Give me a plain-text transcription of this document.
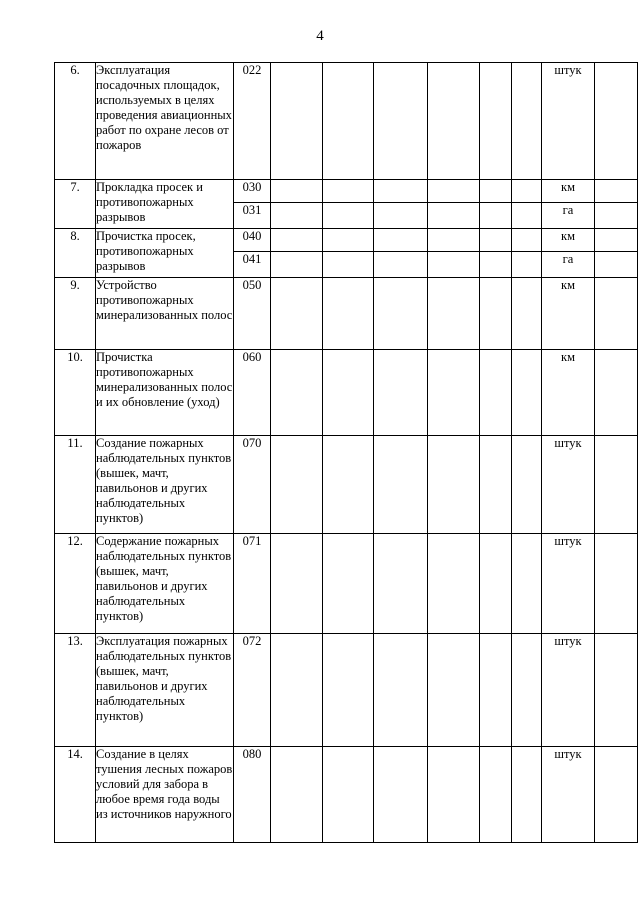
4
6.	Эксплуатация посадочных площадок, используемых в целях проведения авиационных работ по охране лесов от пожаров	022							штук	
7.	Прокладка просек и противопожарных разрывов	030							км	
		031							га	
8.	Прочистка просек, противопожарных разрывов	040							км	
		041							га	
9.	Устройство противопожарных минерализованных полос	050							км	
10.	Прочистка противопожарных минерализованных полос и их обновление (уход)	060							км	
11.	Создание пожарных наблюдательных пунктов (вышек, мачт, павильонов и других наблюдательных пунктов)	070							штук	
12.	Содержание пожарных наблюдательных пунктов (вышек, мачт, павильонов и других наблюдательных пунктов)	071							штук	
13.	Эксплуатация пожарных наблюдательных пунктов (вышек, мачт, павильонов и других наблюдательных пунктов)	072							штук	
14.	Создание в целях тушения лесных пожаров условий для забора в любое время года воды из источников наружного	080							штук	
